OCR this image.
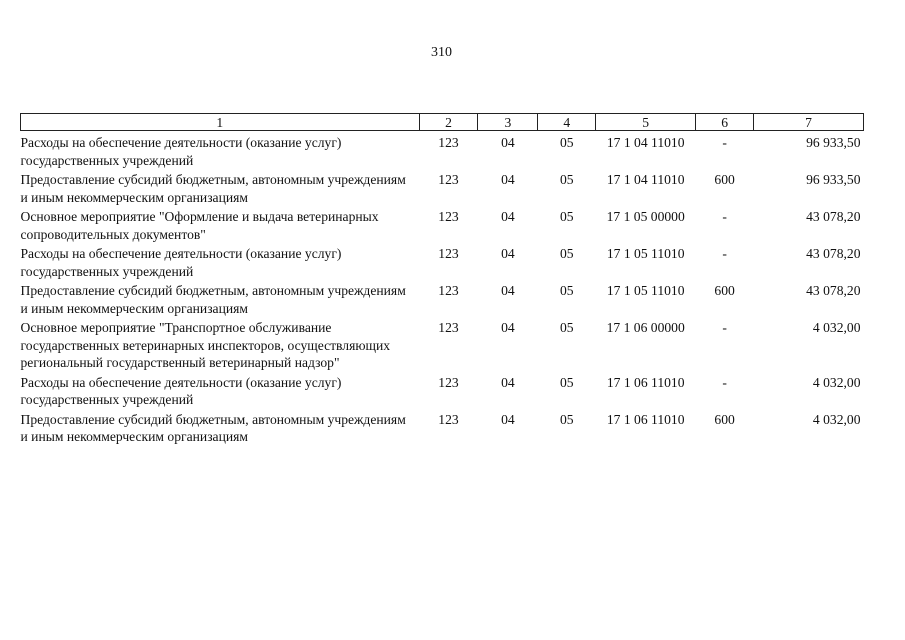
310
1	2	3	4	5	6	7
Расходы на обеспечение деятельности (оказание услуг) государственных учреждений	123	04	05	17 1 04 11010	-	96 933,50
Предоставление субсидий бюджетным, автономным учреждениям и иным некоммерческим организациям	123	04	05	17 1 04 11010	600	96 933,50
Основное мероприятие "Оформление и выдача ветеринарных сопроводительных документов"	123	04	05	17 1 05 00000	-	43 078,20
Расходы на обеспечение деятельности (оказание услуг) государственных учреждений	123	04	05	17 1 05 11010	-	43 078,20
Предоставление субсидий бюджетным, автономным учреждениям и иным некоммерческим организациям	123	04	05	17 1 05 11010	600	43 078,20
Основное мероприятие "Транспортное обслуживание государственных ветеринарных инспекторов, осуществляющих региональный государственный ветеринарный надзор"	123	04	05	17 1 06 00000	-	4 032,00
Расходы на обеспечение деятельности (оказание услуг) государственных учреждений	123	04	05	17 1 06 11010	-	4 032,00
Предоставление субсидий бюджетным, автономным учреждениям и иным некоммерческим организациям	123	04	05	17 1 06 11010	600	4 032,00
